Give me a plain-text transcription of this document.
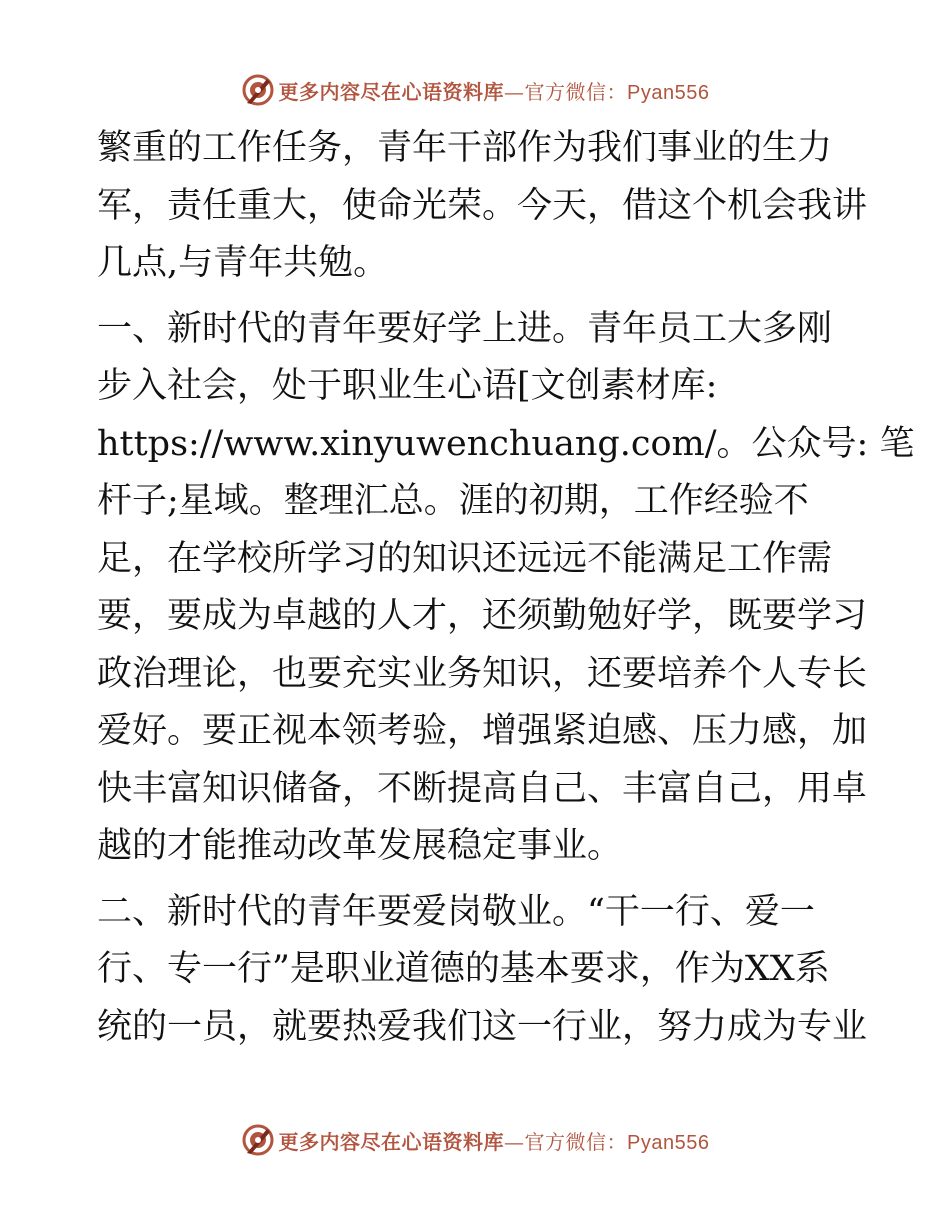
更多内容尽在心语资料库—官方微信：Pyan556
繁重的工作任务，青年干部作为我们事业的生力
军，责任重大，使命光荣。今天，借这个机会我讲
几点,与青年共勉。
一、新时代的青年要好学上进。青年员工大多刚
步入社会，处于职业生心语[文创素材库:
https://www.xinyuwenchuang.com/。公众号: 笔
杆子;星域。整理汇总。涯的初期，工作经验不
足，在学校所学习的知识还远远不能满足工作需
要，要成为卓越的人才，还须勤勉好学，既要学习
政治理论，也要充实业务知识，还要培养个人专长
爱好。要正视本领考验，增强紧迫感、压力感，加
快丰富知识储备，不断提高自己、丰富自己，用卓
越的才能推动改革发展稳定事业。
二、新时代的青年要爱岗敬业。“干一行、爱一
行、专一行”是职业道德的基本要求，作为XX系
统的一员，就要热爱我们这一行业，努力成为专业
更多内容尽在心语资料库—官方微信：Pyan556
